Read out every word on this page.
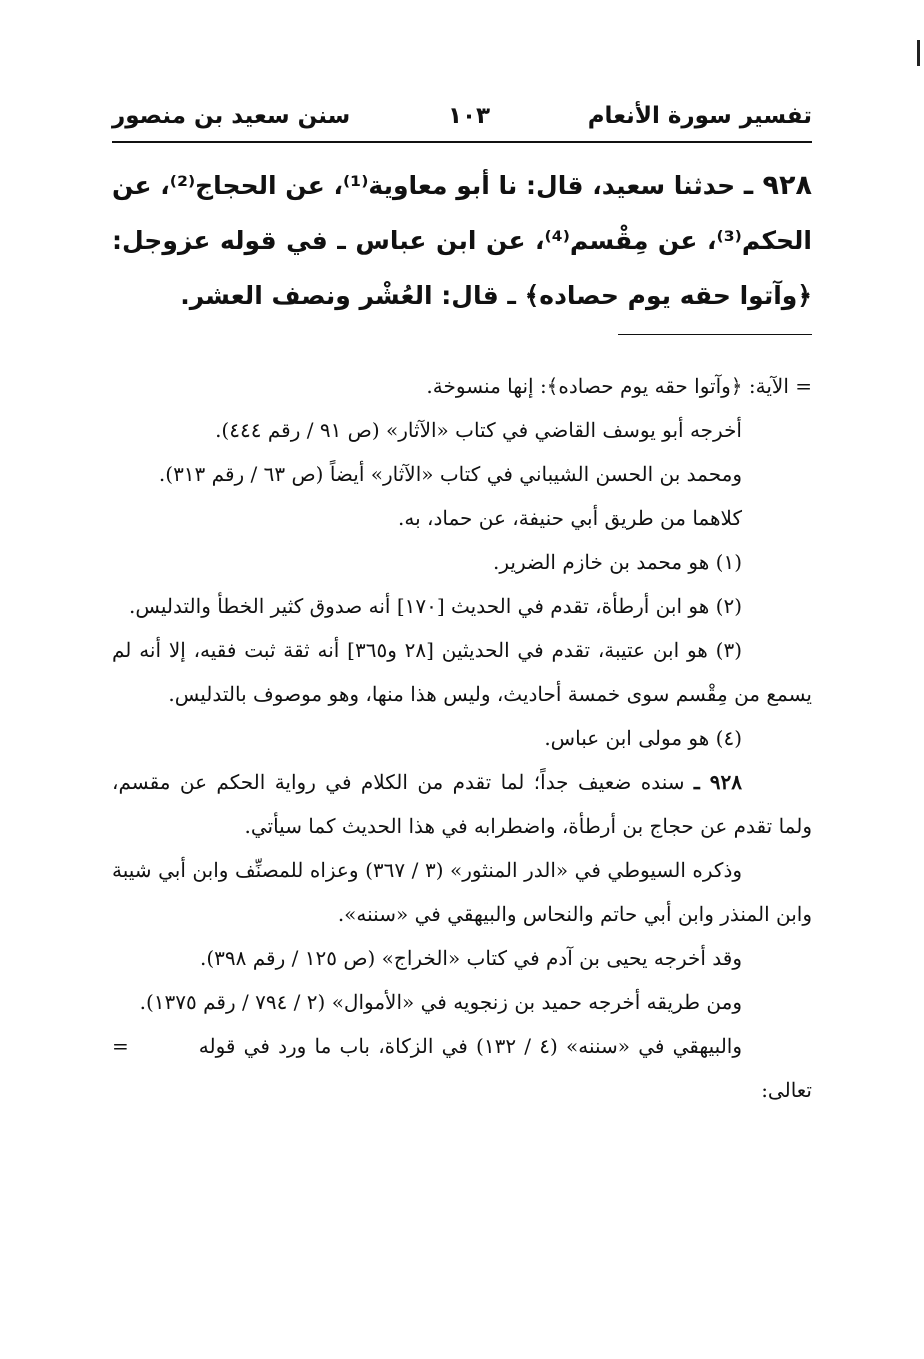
تفسير سورة الأنعام
١٠٣
سنن سعيد بن منصور
٩٢٨ ـ حدثنا سعيد، قال: نا أبو معاوية⁽¹⁾، عن الحجاج⁽²⁾، عن الحكم⁽³⁾، عن مِقْسم⁽⁴⁾، عن ابن عباس ـ في قوله عزوجل: ﴿وآتوا حقه يوم حصاده﴾ ـ قال: العُشْر ونصف العشر.

= الآية: ﴿وآتوا حقه يوم حصاده﴾: إنها منسوخة.

أخرجه أبو يوسف القاضي في كتاب «الآثار» (ص ٩١ / رقم ٤٤٤).

ومحمد بن الحسن الشيباني في كتاب «الآثار» أيضاً (ص ٦٣ / رقم ٣١٣).

كلاهما من طريق أبي حنيفة، عن حماد، به.

(١) هو محمد بن خازم الضرير.

(٢) هو ابن أرطأة، تقدم في الحديث [١٧٠] أنه صدوق كثير الخطأ والتدليس.

(٣) هو ابن عتيبة، تقدم في الحديثين [٢٨ و٣٦٥] أنه ثقة ثبت فقيه، إلا أنه لم يسمع من مِقْسم سوى خمسة أحاديث، وليس هذا منها، وهو موصوف بالتدليس.

(٤) هو مولى ابن عباس.

٩٢٨ ـ سنده ضعيف جداً؛ لما تقدم من الكلام في رواية الحكم عن مقسم، ولما تقدم عن حجاج بن أرطأة، واضطرابه في هذا الحديث كما سيأتي.

وذكره السيوطي في «الدر المنثور» (٣ / ٣٦٧) وعزاه للمصنِّف وابن أبي شيبة وابن المنذر وابن أبي حاتم والنحاس والبيهقي في «سننه».

وقد أخرجه يحيى بن آدم في كتاب «الخراج» (ص ١٢٥ / رقم ٣٩٨).

ومن طريقه أخرجه حميد بن زنجويه في «الأموال» (٢ / ٧٩٤ / رقم ١٣٧٥).

والبيهقي في «سننه» (٤ / ١٣٢) في الزكاة، باب ما ورد في قوله تعالى:
=
